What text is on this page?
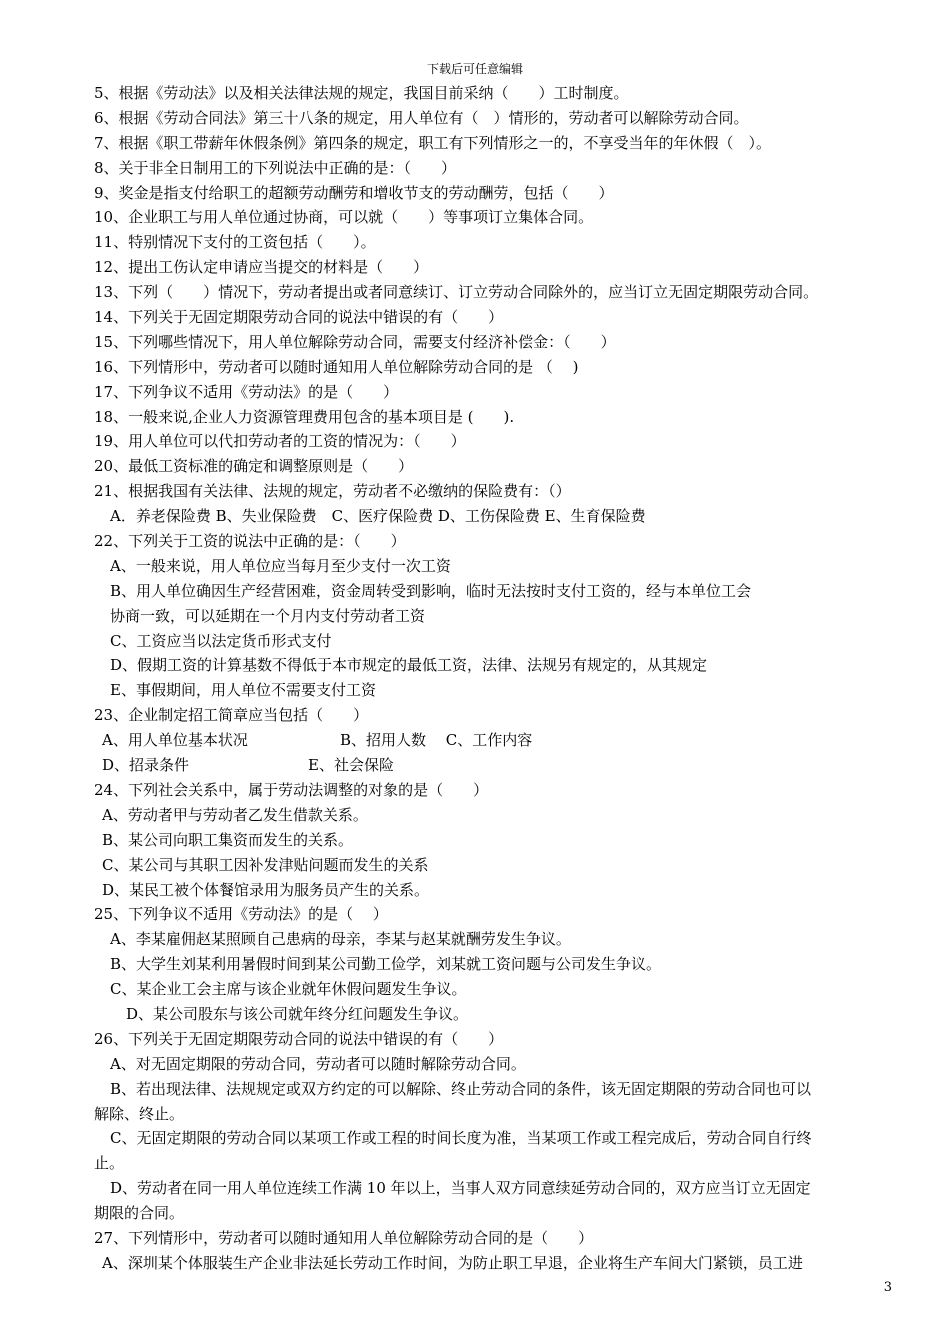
下载后可任意编辑
5、根据《劳动法》以及相关法律法规的规定，我国目前采纳（　　）工时制度。
6、根据《劳动合同法》第三十八条的规定，用人单位有（　）情形的，劳动者可以解除劳动合同。
7、根据《职工带薪年休假条例》第四条的规定，职工有下列情形之一的，不享受当年的年休假（　）。
8、关于非全日制用工的下列说法中正确的是：（　　）
9、奖金是指支付给职工的超额劳动酬劳和增收节支的劳动酬劳，包括（　　）
10、企业职工与用人单位通过协商，可以就（　　）等事项订立集体合同。
11、特别情况下支付的工资包括（　　）。
12、提出工伤认定申请应当提交的材料是（　　）
13、下列（　　）情况下，劳动者提出或者同意续订、订立劳动合同除外的，应当订立无固定期限劳动合同。
14、下列关于无固定期限劳动合同的说法中错误的有（　　）
15、下列哪些情况下，用人单位解除劳动合同，需要支付经济补偿金：（　　）
16、下列情形中，劳动者可以随时通知用人单位解除劳动合同的是 （　 )
17、下列争议不适用《劳动法》的是（　　）
18、一般来说,企业人力资源管理费用包含的基本项目是 (　　).
19、用人单位可以代扣劳动者的工资的情况为：（　　）
20、最低工资标准的确定和调整原则是（　　）
21、根据我国有关法律、法规的规定，劳动者不必缴纳的保险费有：（）
A．养老保险费 B、失业保险费　C、医疗保险费 D、工伤保险费 E、生育保险费
22、下列关于工资的说法中正确的是：（　　）
A、一般来说，用人单位应当每月至少支付一次工资
B、用人单位确因生产经营困难，资金周转受到影响，临时无法按时支付工资的，经与本单位工会
协商一致，可以延期在一个月内支付劳动者工资
C、工资应当以法定货币形式支付
D、假期工资的计算基数不得低于本市规定的最低工资，法律、法规另有规定的，从其规定
E、事假期间，用人单位不需要支付工资
23、企业制定招工简章应当包括（　　）
A、用人单位基本状况	B、招用人数　 C、工作内容
D、招录条件	E、社会保险
24、下列社会关系中，属于劳动法调整的对象的是（　　）
A、劳动者甲与劳动者乙发生借款关系。
B、某公司向职工集资而发生的关系。
C、某公司与其职工因补发津贴问题而发生的关系
D、某民工被个体餐馆录用为服务员产生的关系。
25、下列争议不适用《劳动法》的是（　 ）
A、李某雇佣赵某照顾自己患病的母亲，李某与赵某就酬劳发生争议。
B、大学生刘某利用暑假时间到某公司勤工俭学，刘某就工资问题与公司发生争议。
C、某企业工会主席与该企业就年休假问题发生争议。
D、某公司股东与该公司就年终分红问题发生争议。
26、下列关于无固定期限劳动合同的说法中错误的有（　　）
A、对无固定期限的劳动合同，劳动者可以随时解除劳动合同。
B、若出现法律、法规规定或双方约定的可以解除、终止劳动合同的条件，该无固定期限的劳动合同也可以
解除、终止。
C、无固定期限的劳动合同以某项工作或工程的时间长度为准，当某项工作或工程完成后，劳动合同自行终
止。
D、劳动者在同一用人单位连续工作满 10 年以上，当事人双方同意续延劳动合同的，双方应当订立无固定
期限的合同。
27、下列情形中，劳动者可以随时通知用人单位解除劳动合同的是（　　）
A、深圳某个体服装生产企业非法延长劳动工作时间，为防止职工早退，企业将生产车间大门紧锁，员工进
3
